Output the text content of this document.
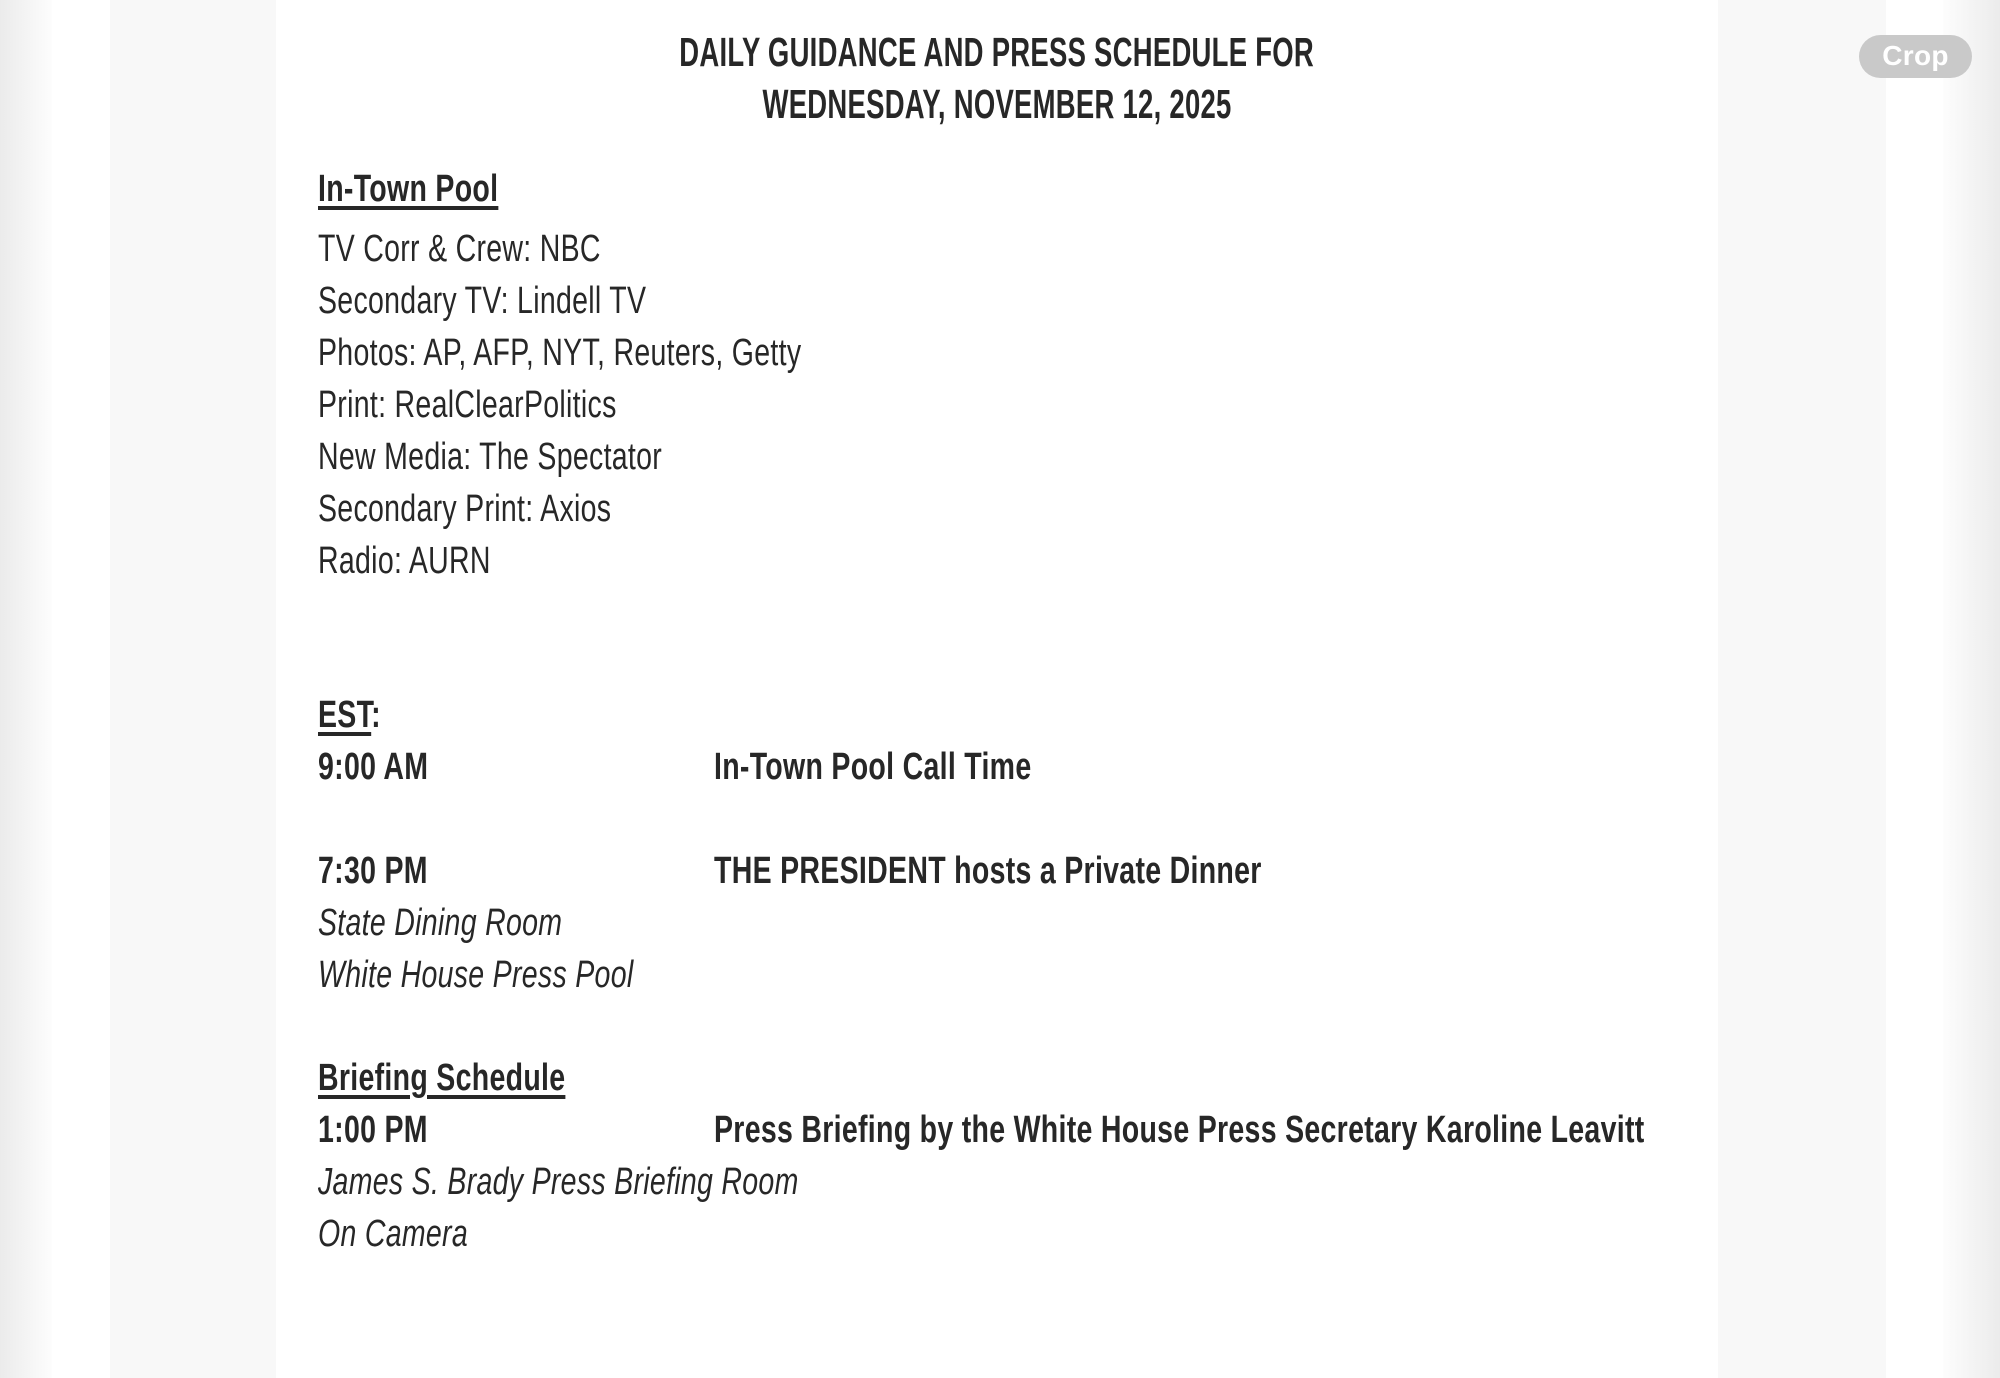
DAILY GUIDANCE AND PRESS SCHEDULE FOR
WEDNESDAY, NOVEMBER 12, 2025
In-Town Pool
TV Corr & Crew: NBC
Secondary TV: Lindell TV
Photos: AP, AFP, NYT, Reuters, Getty
Print: RealClearPolitics
New Media: The Spectator
Secondary Print: Axios
Radio: AURN
EST:
9:00 AM	In-Town Pool Call Time
7:30 PM	THE PRESIDENT hosts a Private Dinner
State Dining Room
White House Press Pool
Briefing Schedule
1:00 PM	Press Briefing by the White House Press Secretary Karoline Leavitt
James S. Brady Press Briefing Room
On Camera
Crop
